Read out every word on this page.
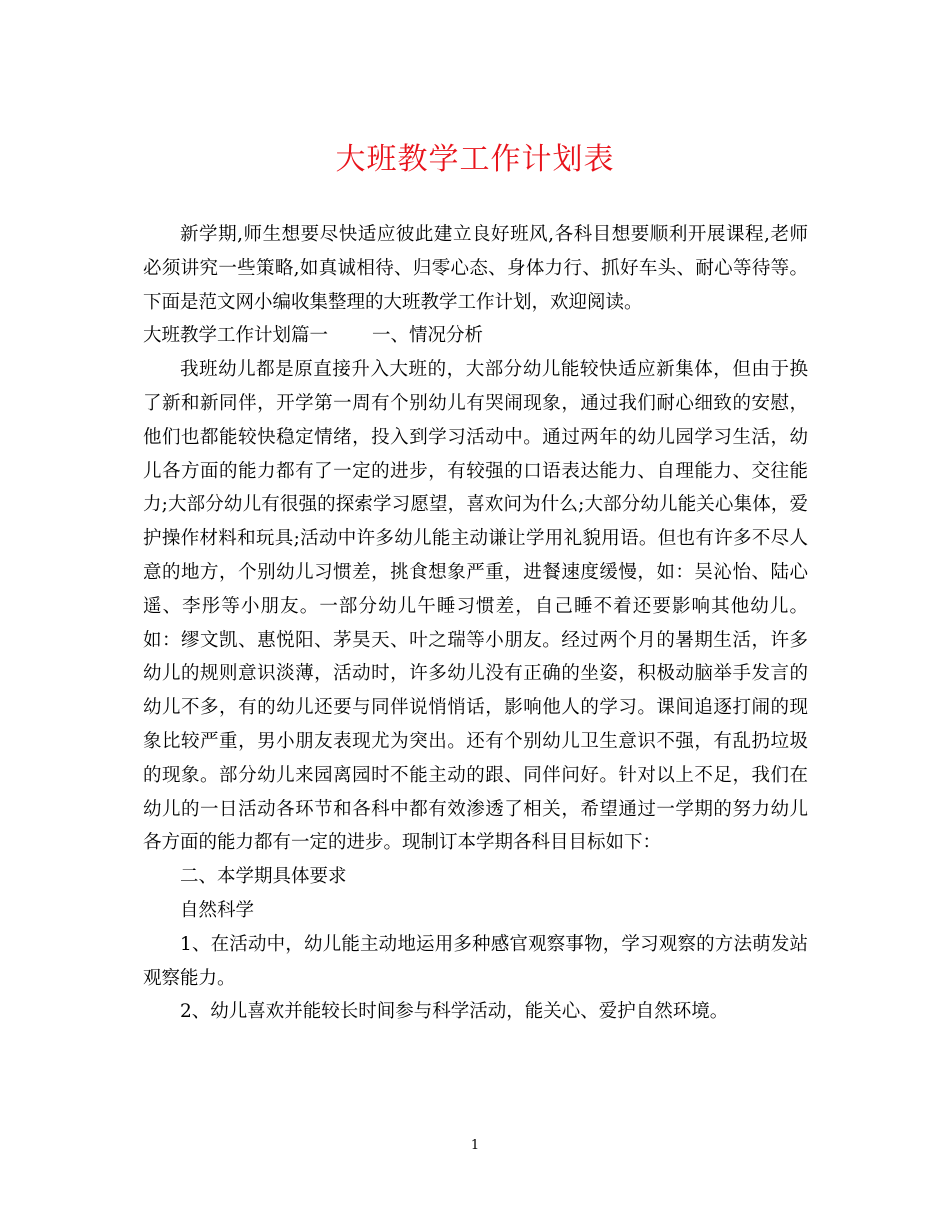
大班教学工作计划表

新学期,师生想要尽快适应彼此建立良好班风,各科目想要顺利开展课程,老师必须讲究一些策略,如真诚相待、归零心态、身体力行、抓好车头、耐心等待等。下面是范文网小编收集整理的大班教学工作计划，欢迎阅读。

大班教学工作计划篇一 一、情况分析

我班幼儿都是原直接升入大班的，大部分幼儿能较快适应新集体，但由于换了新和新同伴，开学第一周有个别幼儿有哭闹现象，通过我们耐心细致的安慰，他们也都能较快稳定情绪，投入到学习活动中。通过两年的幼儿园学习生活，幼儿各方面的能力都有了一定的进步，有较强的口语表达能力、自理能力、交往能力;大部分幼儿有很强的探索学习愿望，喜欢问为什么;大部分幼儿能关心集体，爱护操作材料和玩具;活动中许多幼儿能主动谦让学用礼貌用语。但也有许多不尽人意的地方，个别幼儿习惯差，挑食想象严重，进餐速度缓慢，如：吴沁怡、陆心遥、李彤等小朋友。一部分幼儿午睡习惯差，自己睡不着还要影响其他幼儿。如：缪文凯、惠悦阳、茅昊天、叶之瑞等小朋友。经过两个月的暑期生活，许多幼儿的规则意识淡薄，活动时，许多幼儿没有正确的坐姿，积极动脑举手发言的幼儿不多，有的幼儿还要与同伴说悄悄话，影响他人的学习。课间追逐打闹的现象比较严重，男小朋友表现尤为突出。还有个别幼儿卫生意识不强，有乱扔垃圾的现象。部分幼儿来园离园时不能主动的跟、同伴问好。针对以上不足，我们在幼儿的一日活动各环节和各科中都有效渗透了相关，希望通过一学期的努力幼儿各方面的能力都有一定的进步。现制订本学期各科目目标如下：

二、本学期具体要求

自然科学

1、在活动中，幼儿能主动地运用多种感官观察事物，学习观察的方法萌发站观察能力。

2、幼儿喜欢并能较长时间参与科学活动，能关心、爱护自然环境。

1
